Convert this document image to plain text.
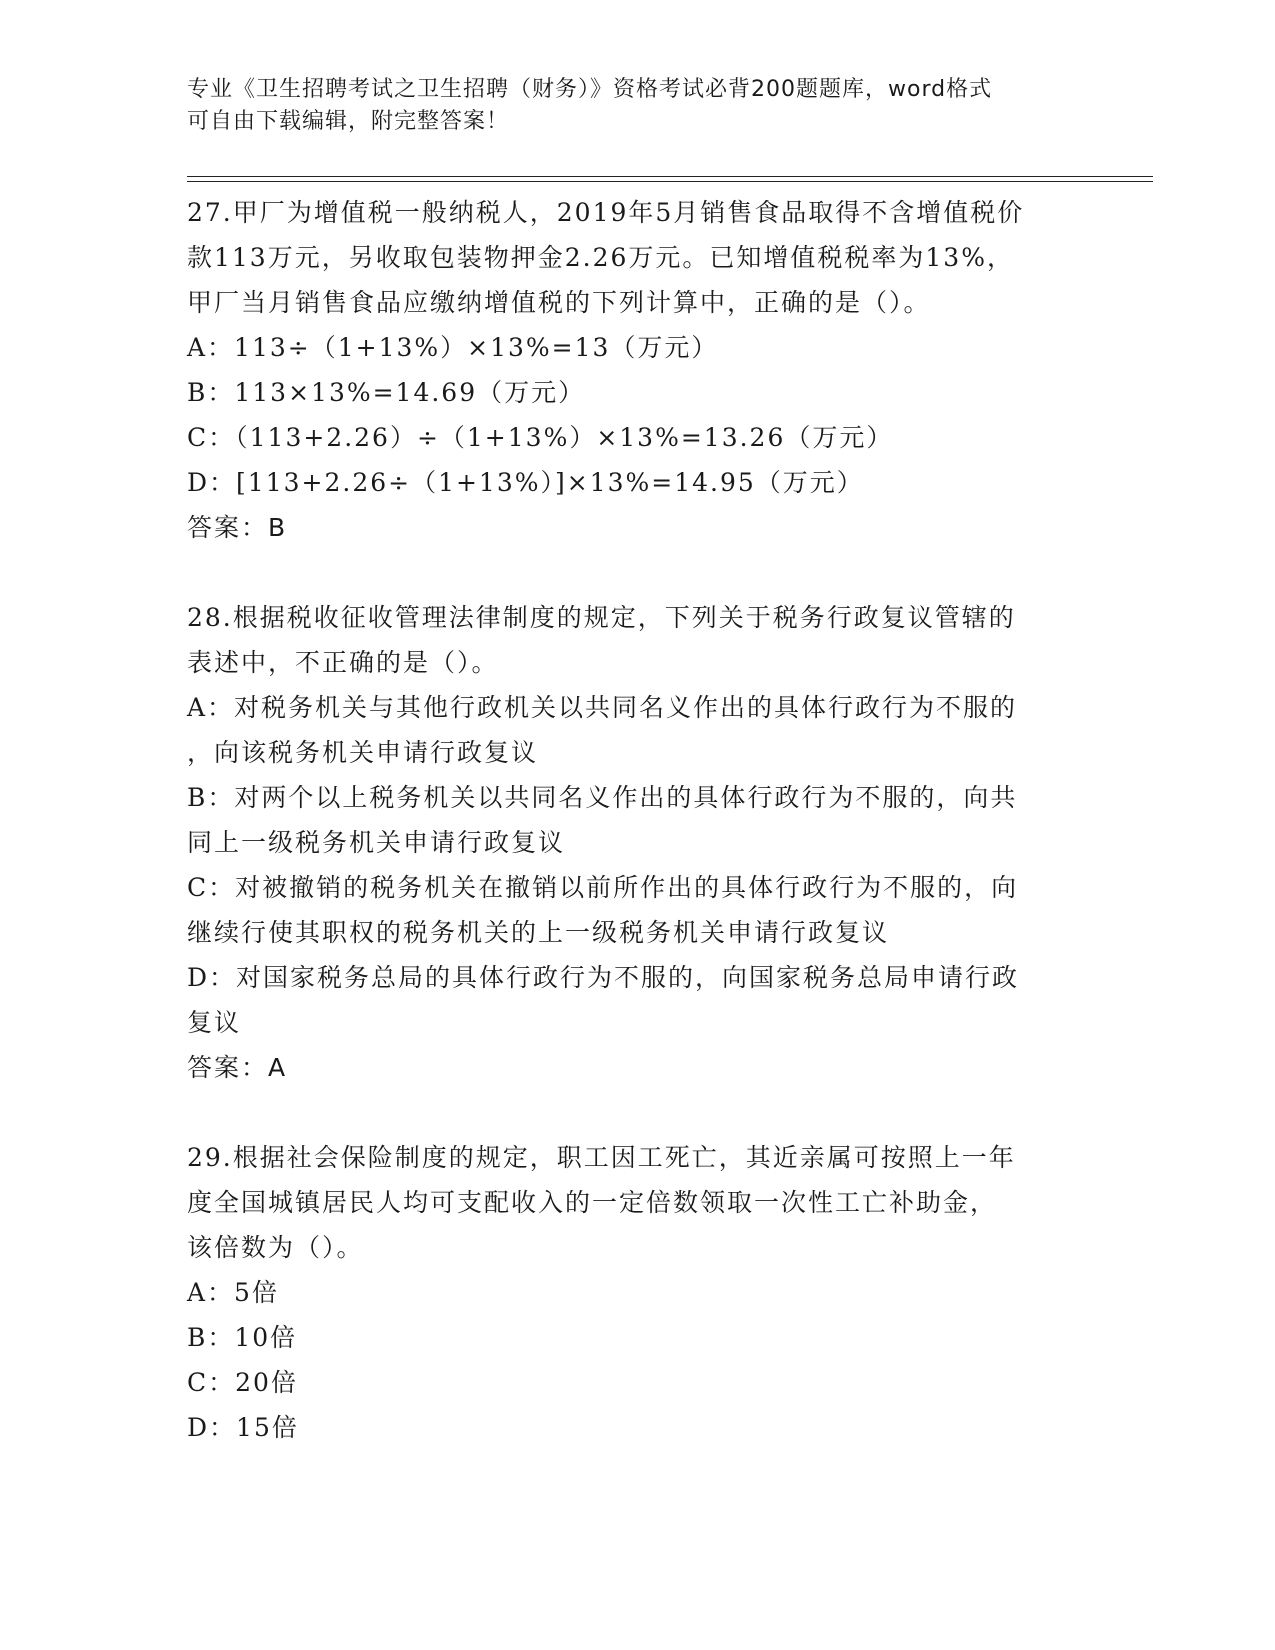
专业《卫生招聘考试之卫生招聘（财务）》资格考试必背200题题库，word格式
可自由下载编辑，附完整答案！
27.甲厂为增值税一般纳税人，2019年5月销售食品取得不含增值税价
款113万元，另收取包装物押金2.26万元。已知增值税税率为13%，
甲厂当月销售食品应缴纳增值税的下列计算中，正确的是（）。
A：113÷（1+13%）×13%=13（万元）
B：113×13%=14.69（万元）
C：（113+2.26）÷（1+13%）×13%=13.26（万元）
D：[113+2.26÷（1+13%）]×13%=14.95（万元）
答案：B
28.根据税收征收管理法律制度的规定，下列关于税务行政复议管辖的
表述中，不正确的是（）。
A：对税务机关与其他行政机关以共同名义作出的具体行政行为不服的
，向该税务机关申请行政复议
B：对两个以上税务机关以共同名义作出的具体行政行为不服的，向共
同上一级税务机关申请行政复议
C：对被撤销的税务机关在撤销以前所作出的具体行政行为不服的，向
继续行使其职权的税务机关的上一级税务机关申请行政复议
D：对国家税务总局的具体行政行为不服的，向国家税务总局申请行政
复议
答案：A
29.根据社会保险制度的规定，职工因工死亡，其近亲属可按照上一年
度全国城镇居民人均可支配收入的一定倍数领取一次性工亡补助金，
该倍数为（）。
A：5倍
B：10倍
C：20倍
D：15倍
